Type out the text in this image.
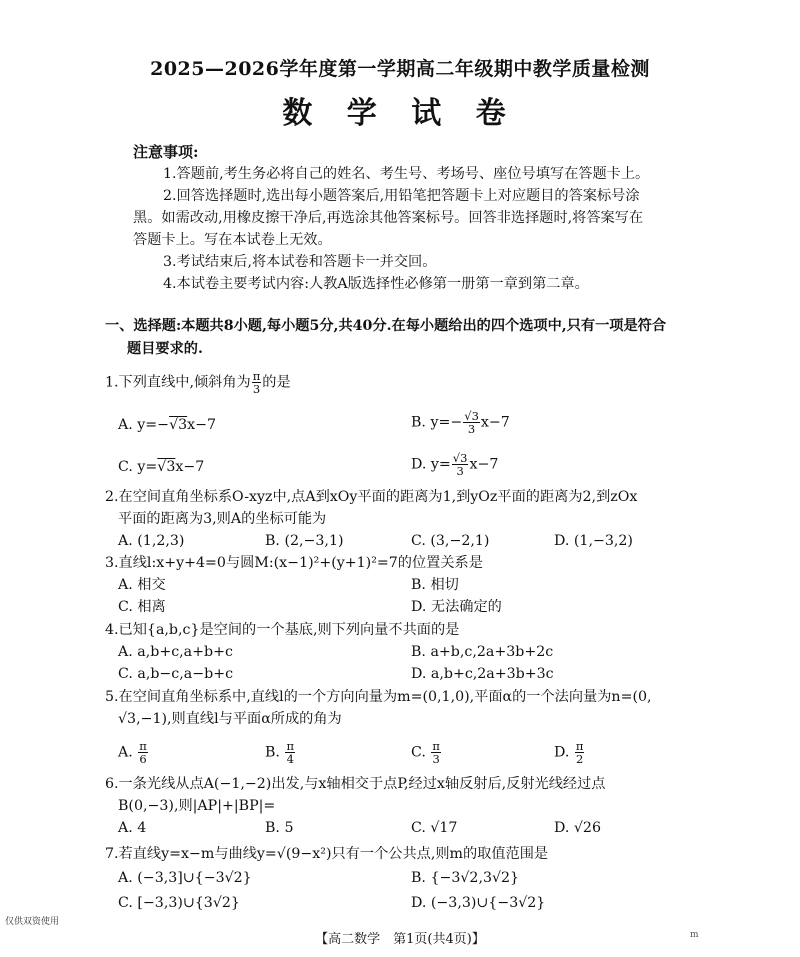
2025—2026学年度第一学期高二年级期中教学质量检测
数 学 试 卷
注意事项:
1.答题前,考生务必将自己的姓名、考生号、考场号、座位号填写在答题卡上。
2.回答选择题时,选出每小题答案后,用铅笔把答题卡上对应题目的答案标号涂
黑。如需改动,用橡皮擦干净后,再选涂其他答案标号。回答非选择题时,将答案写在
答题卡上。写在本试卷上无效。
3.考试结束后,将本试卷和答题卡一并交回。
4.本试卷主要考试内容:人教A版选择性必修第一册第一章到第二章。
一、选择题:本题共8小题,每小题5分,共40分.在每小题给出的四个选项中,只有一项是符合
题目要求的.
1.下列直线中,倾斜角为 $\frac{\pi}{3}$ 的是
A. y=−√3x−7	B. $y=- \frac{√3}{3} x-7$
C. y=√3x−7	D. $y= \frac{√3}{3} x-7$
2.在空间直角坐标系O-xyz中,点A到xOy平面的距离为1,到yOz平面的距离为2,到zOx
平面的距离为3,则A的坐标可能为
A. (1,2,3)	B. (2,−3,1)	C. (3,−2,1)	D. (1,−3,2)
3.直线l:x+y+4=0与圆M:(x−1)²+(y+1)²=7的位置关系是
A. 相交	B. 相切
C. 相离	D. 无法确定的
4.已知{a,b,c}是空间的一个基底,则下列向量不共面的是
A. a,b+c,a+b+c	B. a+b,c,2a+3b+2c
C. a,b−c,a−b+c	D. a,b+c,2a+3b+3c
5.在空间直角坐标系中,直线l的一个方向向量为m=(0,1,0),平面α的一个法向量为n=(0,
√3,−1),则直线l与平面α所成的角为
A. $\frac{\pi}{6}$	B. $\frac{\pi}{4}$	C. $\frac{\pi}{3}$	D. $\frac{\pi}{2}$
6.一条光线从点A(−1,−2)出发,与x轴相交于点P,经过x轴反射后,反射光线经过点
B(0,−3),则|AP|+|BP|=
A. 4	B. 5	C. √17	D. √26
7.若直线y=x−m与曲线y=√(9−x²)只有一个公共点,则m的取值范围是
A. (−3,3]∪{−3√2}	B. {−3√2,3√2}
C. [−3,3)∪{3√2}	D. (−3,3)∪{−3√2}
【高二数学　第1页(共4页)】
仅供双资使用
m
